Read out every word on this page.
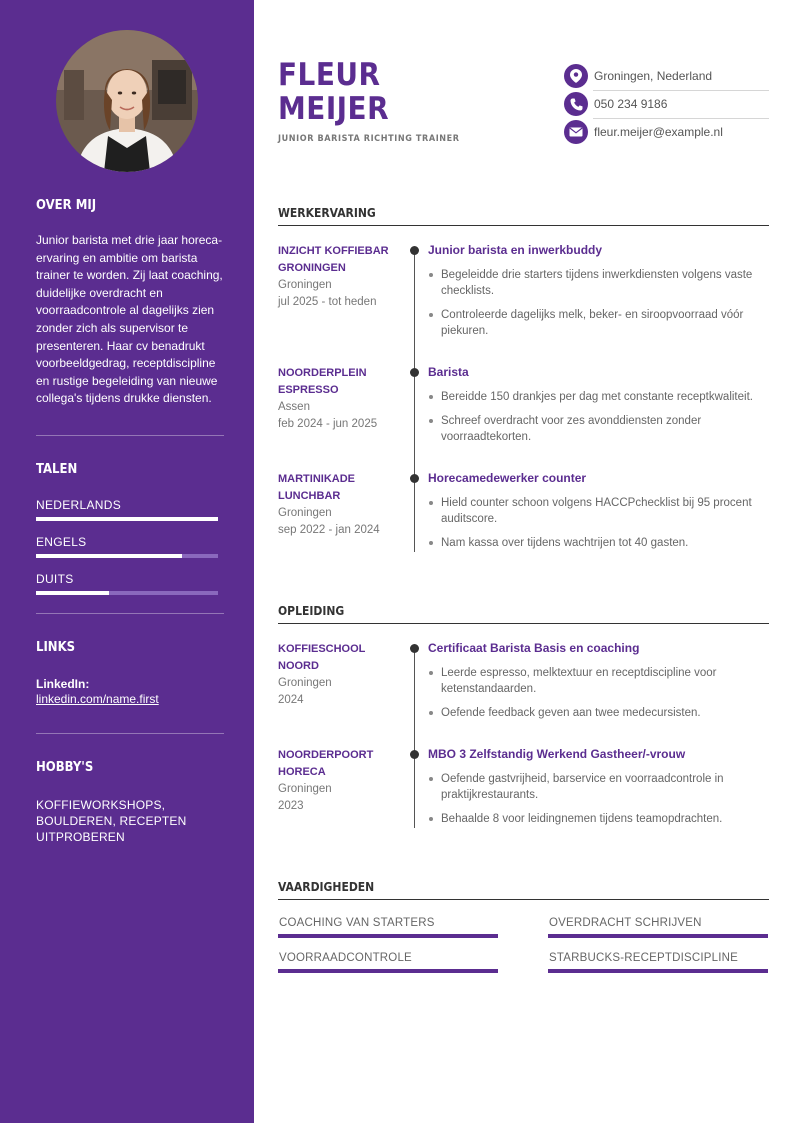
OVER MIJ
Junior barista met drie jaar horeca-ervaring en ambitie om barista trainer te worden. Zij laat coaching, duidelijke overdracht en voorraadcontrole al dagelijks zien zonder zich als supervisor te presenteren. Haar cv benadrukt voorbeeldgedrag, receptdiscipline en rustige begeleiding van nieuwe collega's tijdens drukke diensten.
TALEN
NEDERLANDS
ENGELS
DUITS
LINKS
LinkedIn:
linkedin.com/name.first
HOBBY'S
KOFFIEWORKSHOPS, BOULDEREN, RECEPTEN UITPROBEREN
FLEUR
MEIJER
JUNIOR BARISTA RICHTING TRAINER
Groningen, Nederland
050 234 9186
fleur.meijer@example.nl
WERKERVARING
INZICHT KOFFIEBAR GRONINGEN
Groningen
jul 2025 - tot heden
Junior barista en inwerkbuddy
Begeleidde drie starters tijdens inwerkdiensten volgens vaste checklists.
Controleerde dagelijks melk, beker- en siroopvoorraad vóór piekuren.
NOORDERPLEIN ESPRESSO
Assen
feb 2024 - jun 2025
Barista
Bereidde 150 drankjes per dag met constante receptkwaliteit.
Schreef overdracht voor zes avonddiensten zonder voorraadtekorten.
MARTINIKADE LUNCHBAR
Groningen
sep 2022 - jan 2024
Horecamedewerker counter
Hield counter schoon volgens HACCPchecklist bij 95 procent auditscore.
Nam kassa over tijdens wachtrijen tot 40 gasten.
OPLEIDING
KOFFIESCHOOL NOORD
Groningen
2024
Certificaat Barista Basis en coaching
Leerde espresso, melktextuur en receptdiscipline voor ketenstandaarden.
Oefende feedback geven aan twee medecursisten.
NOORDERPOORT HORECA
Groningen
2023
MBO 3 Zelfstandig Werkend Gastheer/-vrouw
Oefende gastvrijheid, barservice en voorraadcontrole in praktijkrestaurants.
Behaalde 8 voor leidingnemen tijdens teamopdrachten.
VAARDIGHEDEN
COACHING VAN STARTERS	OVERDRACHT SCHRIJVEN
VOORRAADCONTROLE	STARBUCKS-RECEPTDISCIPLINE
